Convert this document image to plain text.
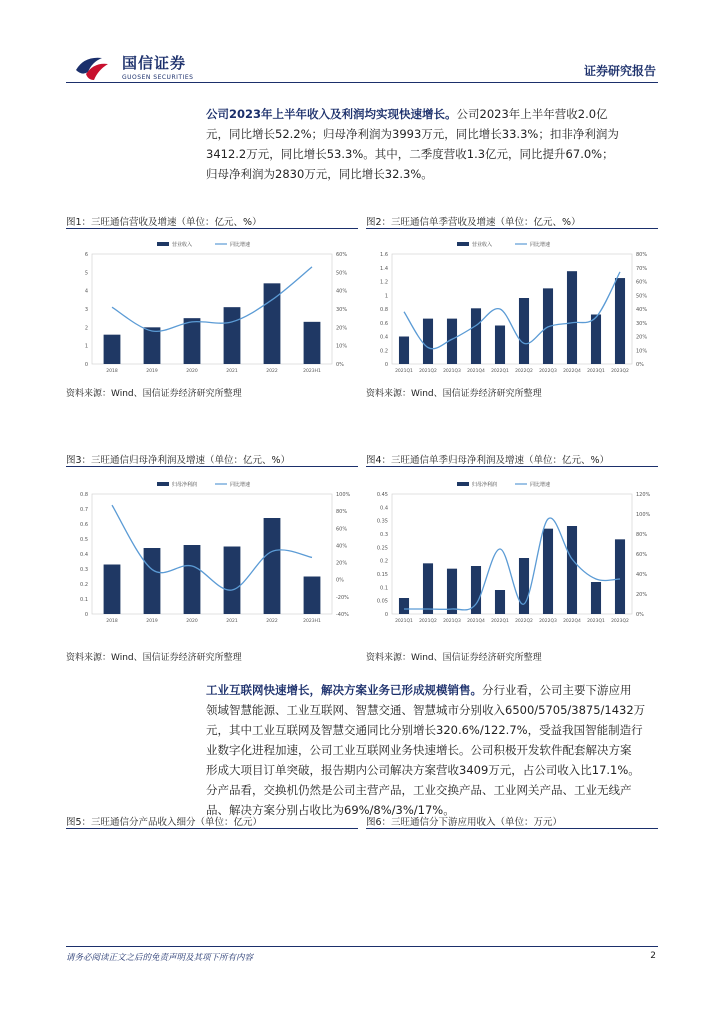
国信证券
GUOSEN SECURITIES	证券研究报告
公司2023年上半年收入及利润均实现快速增长。公司2023年上半年营收2.0亿
元，同比增长52.2%；归母净利润为3993万元，同比增长33.3%；扣非净利润为
3412.2万元，同比增长53.3%。其中，二季度营收1.3亿元，同比提升67.0%；
归母净利润为2830万元，同比增长32.3%。
图1：三旺通信营收及增速（单位：亿元、%）	图2：三旺通信单季营收及增速（单位：亿元、%）
营业收入	同比增速
0
1
2
3
4
5
6
0%
10%
20%
30%
40%
50%
60%
2018	2019	2020	2021	2022	2023H1
营业收入	同比增速
0
0.2
0.4
0.6
0.8
1
1.2
1.4
1.6
0%
10%
20%
30%
40%
50%
60%
70%
80%
2021Q1 2021Q2 2021Q3 2021Q4 2022Q1 2022Q2 2022Q3 2022Q4 2023Q1 2023Q2
资料来源：Wind、国信证券经济研究所整理	资料来源：Wind、国信证券经济研究所整理
图3：三旺通信归母净利润及增速（单位：亿元、%）	图4：三旺通信单季归母净利润及增速（单位：亿元、%）
归母净利润	同比增速
0
0.1
0.2
0.3
0.4
0.5
0.6
0.7
0.8
-40%
-20%
0%
20%
40%
60%
80%
100%
2018	2019	2020	2021	2022	2023H1
归母净利润	同比增速
0
0.05
0.1
0.15
0.2
0.25
0.3
0.35
0.4
0.45
0%
20%
40%
60%
80%
100%
120%
2021Q1 2021Q2 2021Q3 2021Q4 2022Q1 2022Q2 2022Q3 2022Q4 2023Q1 2023Q2
资料来源：Wind、国信证券经济研究所整理	资料来源：Wind、国信证券经济研究所整理
工业互联网快速增长，解决方案业务已形成规模销售。分行业看，公司主要下游应用
领域智慧能源、工业互联网、智慧交通、智慧城市分别收入6500/5705/3875/1432万
元，其中工业互联网及智慧交通同比分别增长320.6%/122.7%，受益我国智能制造行
业数字化进程加速，公司工业互联网业务快速增长。公司积极开发软件配套解决方案
形成大项目订单突破，报告期内公司解决方案营收3409万元，占公司收入比17.1%。
分产品看，交换机仍然是公司主营产品，工业交换产品、工业网关产品、工业无线产
品、解决方案分别占收比为69%/8%/3%/17%。
图5：三旺通信分产品收入细分（单位：亿元）	图6：三旺通信分下游应用收入（单位：万元）
请务必阅读正文之后的免责声明及其项下所有内容	2
